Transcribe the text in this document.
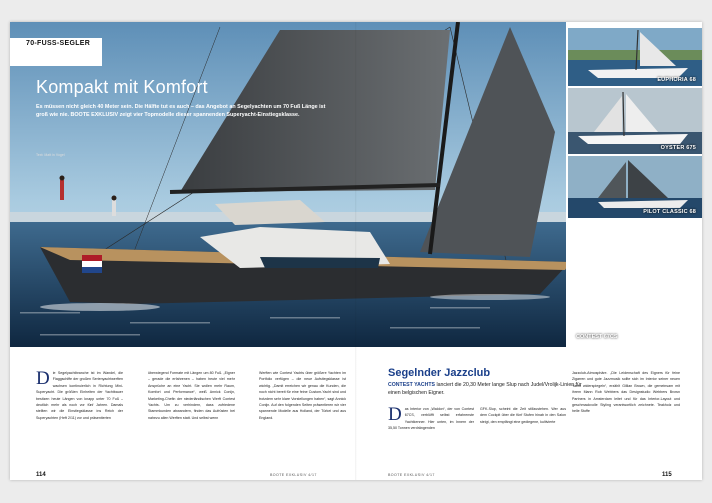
70-FUSS-SEGLER
Kompakt mit Komfort

Es müssen nicht gleich 40 Meter sein. Die Hälfte tut es auch – das Angebot an Segelyachten um 70 Fuß Länge ist groß wie nie. BOOTE EXKLUSIV zeigt vier Topmodelle dieser spannenden Superyacht-Einstiegsklasse.

Text: Matt in Vogel
CONTEST 67CS
EUPHORIA 68
OYSTER 675
PILOT CLASSIC 68

Die Segelyachtbranche ist im Wandel, die Flaggschiffe der großen Serienyachtwerften wachsen kontinuierlich in Richtung Mini-Superyacht. Die größten Einheiten der Yachtbauer besitzen heute Längen von knapp unter 70 Fuß – deutlich mehr als noch vor fünf Jahren. Damals stellten wir die Einstiegsklasse ins Reich der Superyachten (Heft 2/11) vor und präsentierten

überwiegend Formate mit Längen um 80 Fuß. „Eigner – gerade die erfahrenen – haben heute viel mehr Ansprüche an eine Yacht. Sie wollen mehr Raum, Komfort und Performance“, weiß Annick Conijn, Marketing-Chefin der niederländischen Werft Contest Yachts. Um zu verhindern, dass zufriedene Stammkunden abwandern, finden das Aufrüsten bei nahezu allen Werften statt. Und selbst wenn

Werften wie Contest Yachts über größere Yachten im Portfolio verfügen – die neue Aufstiegsklasse ist wichtig. „Damit erreichen wir genau die Kunden, die noch nicht bereit für eine feine Custom-Yacht sind und trotzdem sehr klare Vorstellungen haben“, sagt Annick Conijn. Auf den folgenden Seiten präsentieren wir vier spannende Modelle aus Holland, der Türkei und aus England.

Segelnder Jazzclub
CONTEST YACHTS lanciert die 20,30 Meter lange Slup nach Judel/Vrolijk-Linien für einen belgischen Eigner.

Das Interior von „Waldon“, der von Contest 67CS, verblüfft selbst erfahrenste Yachtkenner. Hier unten, im Innern der 35,50 Tonnen verdrängenden

GFK-Slup, scheint die Zeit stillzustehen. Wer aus dem Cockpit über die fünf Stufen hinab in den Salon steigt, den empfängt eine gediegene, kultivierte

Jazzclub-Atmosphäre. „Die Leidenschaft des Eigners für feine Zigarren und gute Jazzmusik sollte sich im Interior seiner neuen Yacht widerspiegeln“, erzählt Gillian Brown, die gemeinsam mit ihrem Mann Rob Webbers das Designstudio Webbers Brown Partners in Amsterdam leitet und für das Interior-Layout und geschmackvolle Styling verantwortlich zeichnete. Teakholz und helle Stoffe

114	BOOTE EXKLUSIV 4/17	BOOTE EXKLUSIV 4/17	115
